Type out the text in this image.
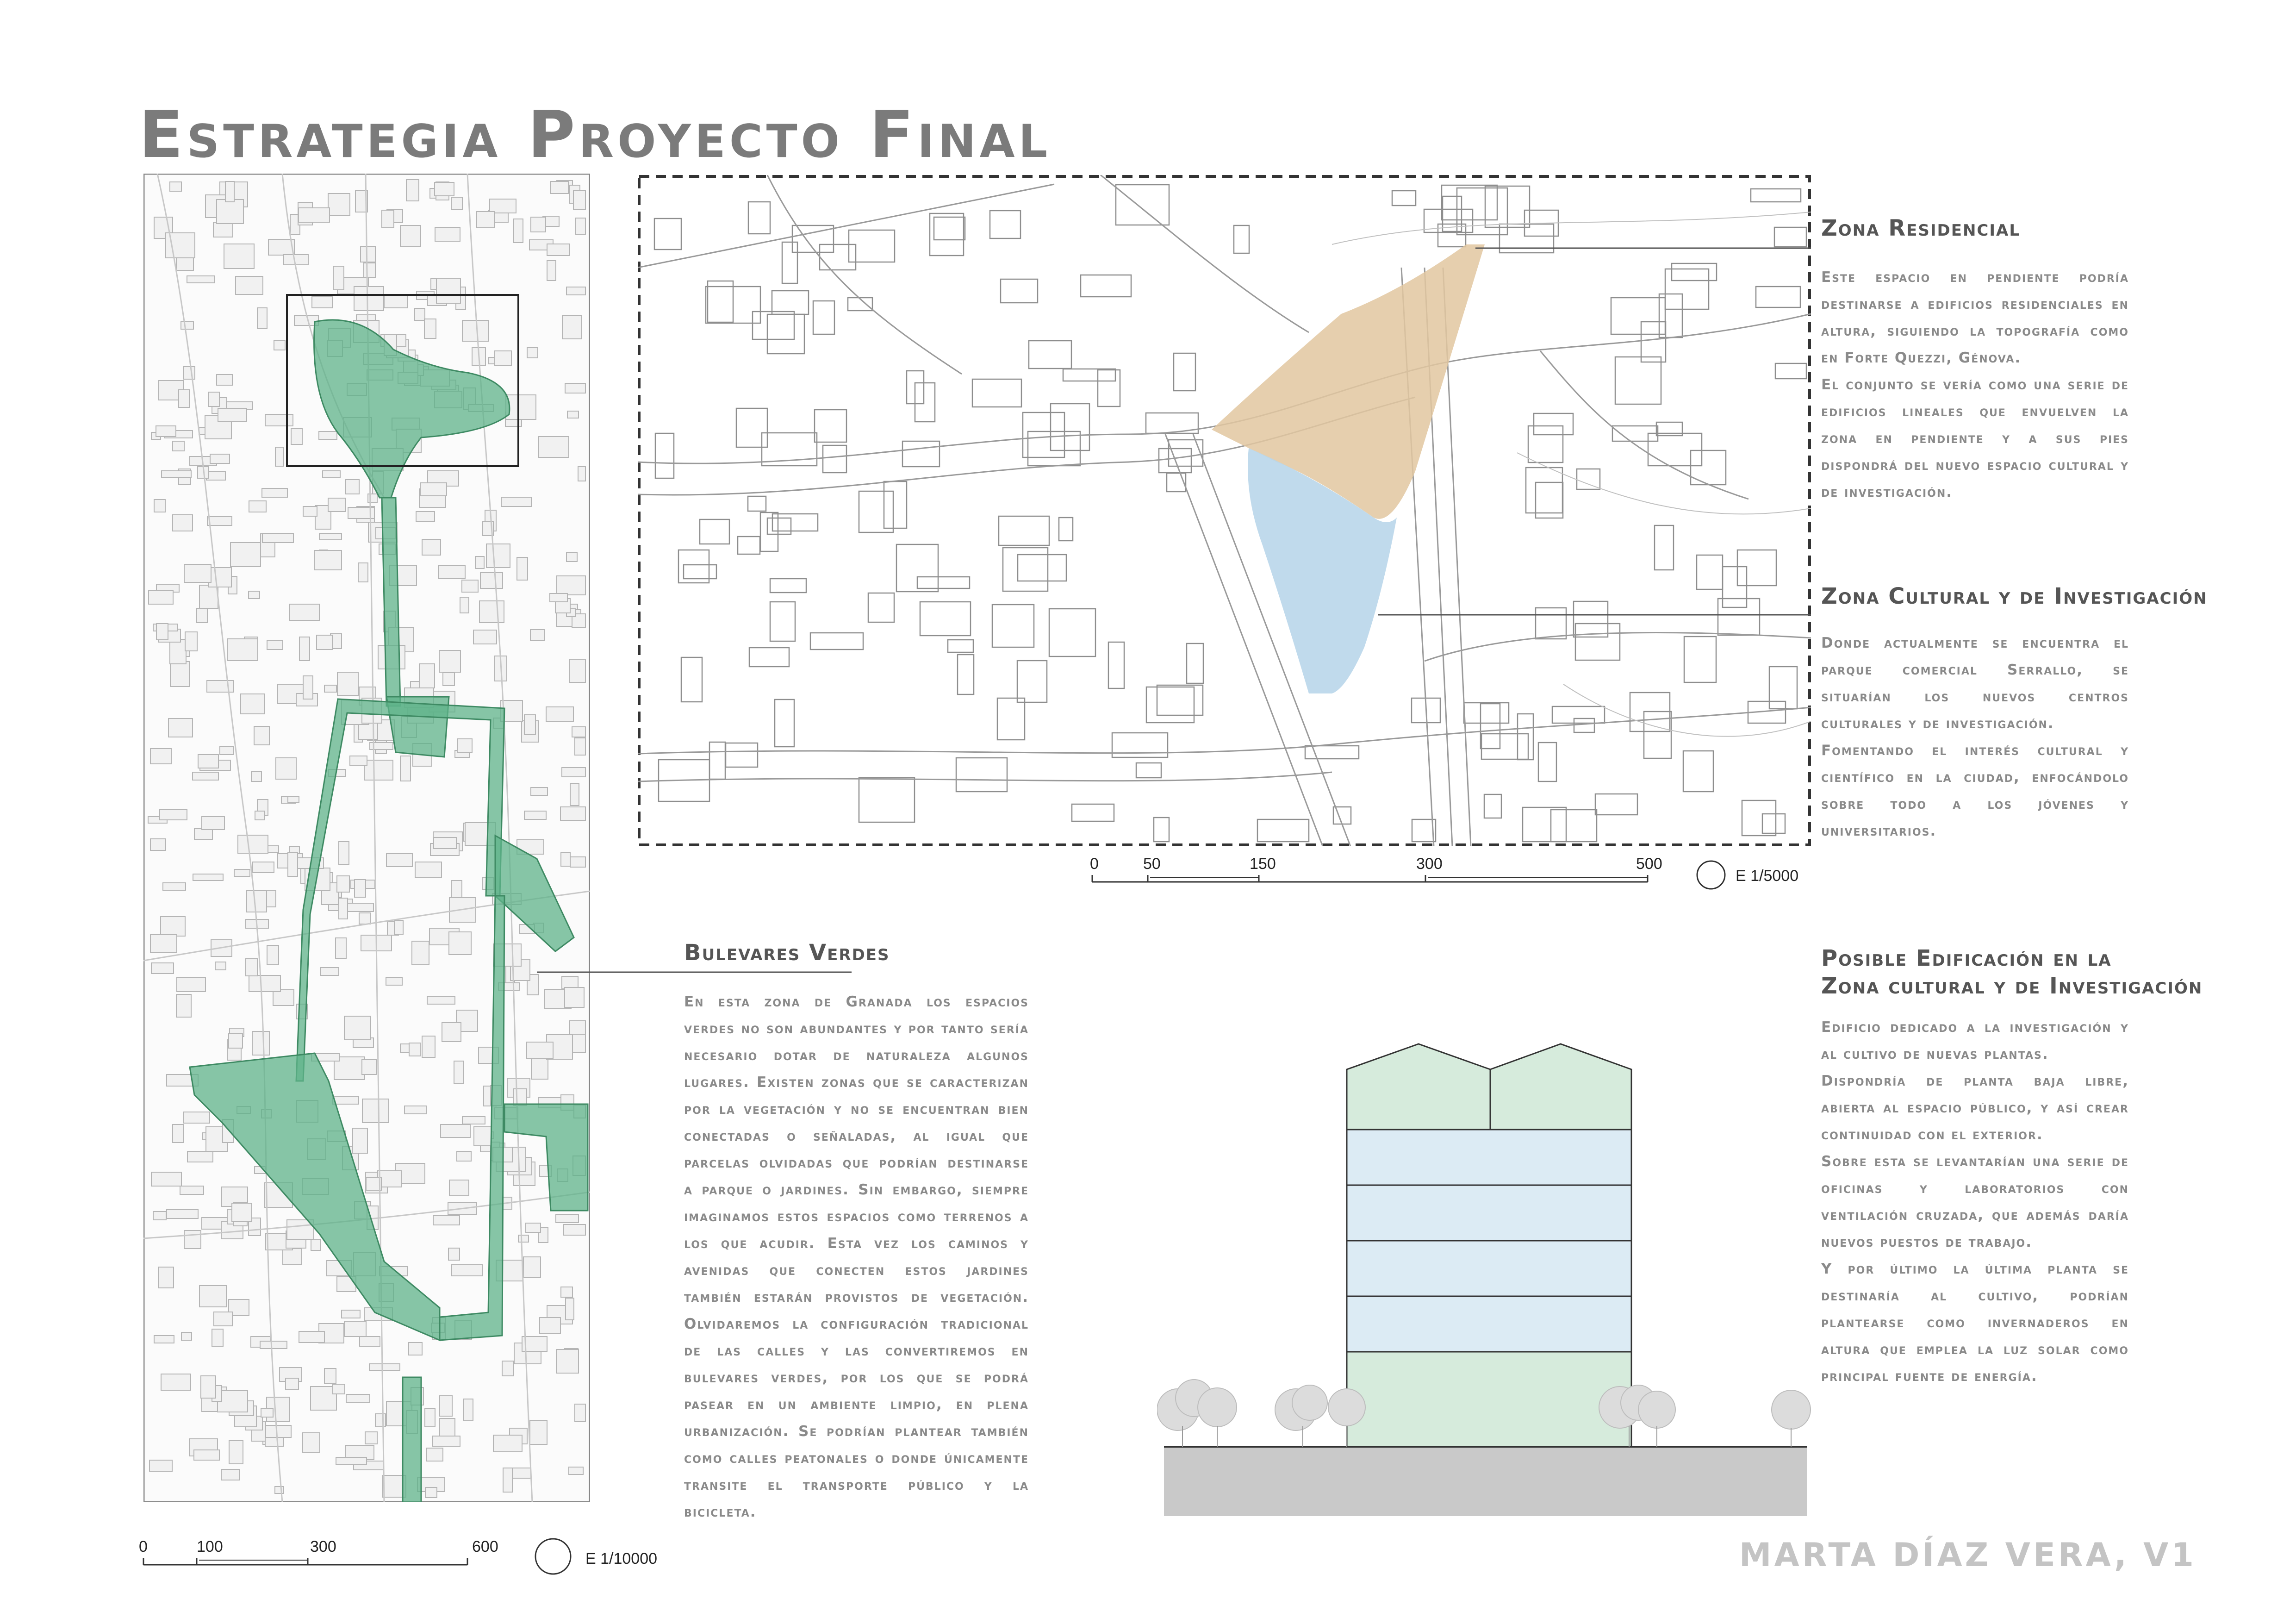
Estrategia Proyecto Final
0	50	150	300	500
E 1/5000
0	100	300	600
E 1/10000
Zona Residencial

Este espacio en pendiente podría destinarse a edificios residenciales en altura, siguiendo la topografía como en Forte Quezzi, Génova.

El conjunto se vería como una serie de edificios lineales que envuelven la zona en pendiente y a sus pies dispondrá del nuevo espacio cultural y de investigación.

Zona Cultural y de Investigación

Donde actualmente se encuentra el parque comercial Serrallo, se situarían los nuevos centros culturales y de investigación.

Fomentando el interés cultural y científico en la ciudad, enfocándolo sobre todo a los jóvenes y universitarios.

Bulevares Verdes

En esta zona de Granada los espacios verdes no son abundantes y por tanto sería necesario dotar de naturaleza algunos lugares. Existen zonas que se caracterizan por la vegetación y no se encuentran bien conectadas o señaladas, al igual que parcelas olvidadas que podrían destinarse a parque o jardines. Sin embargo, siempre imaginamos estos espacios como terrenos a los que acudir. Esta vez los caminos y avenidas que conecten estos jardines también estarán provistos de vegetación. Olvidaremos la configuración tradicional de las calles y las convertiremos en bulevares verdes, por los que se podrá pasear en un ambiente limpio, en plena urbanización. Se podrían plantear también como calles peatonales o donde únicamente transite el transporte público y la bicicleta.

Posible Edificación en la
Zona cultural y de Investigación

Edificio dedicado a la investigación y al cultivo de nuevas plantas.

Dispondría de planta baja libre, abierta al espacio público, y así crear continuidad con el exterior.

Sobre esta se levantarían una serie de oficinas y laboratorios con ventilación cruzada, que además daría nuevos puestos de trabajo.

Y por último la última planta se destinaría al cultivo, podrían plantearse como invernaderos en altura que emplea la luz solar como principal fuente de energía.

MARTA DÍAZ VERA, V1
